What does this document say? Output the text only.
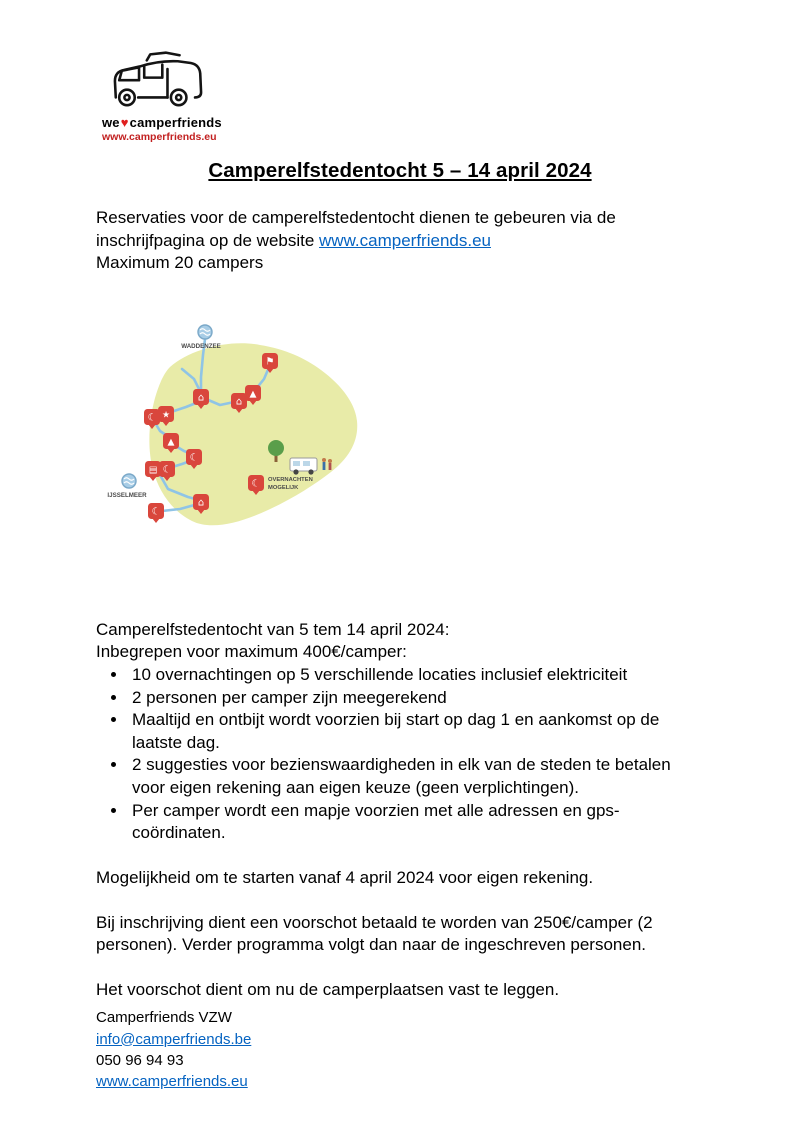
we♥camperfriends
www.camperfriends.eu
Camperelfstedentocht 5 – 14 april 2024
Reservaties voor de camperelfstedentocht dienen te gebeuren via de inschrijfpagina op de website www.camperfriends.eu
Maximum 20 campers
WADDENZEE
IJSSELMEER
⚑
▲
⌂
⌂
★
☾
▲
☾
▤ ☾
⌂
☾
☾ OVERNACHTEN
MOGELIJK

Camperelfstedentocht van 5 tem 14 april 2024:

Inbegrepen voor maximum 400€/camper:

• 10 overnachtingen op 5 verschillende locaties inclusief elektriciteit
• 2 personen per camper zijn meegerekend
• Maaltijd en ontbijt wordt voorzien bij start op dag 1 en aankomst op de laatste dag.
• 2 suggesties voor bezienswaardigheden in elk van de steden te betalen voor eigen rekening aan eigen keuze (geen verplichtingen).
• Per camper wordt een mapje voorzien met alle adressen en gps-coördinaten.

Mogelijkheid om te starten vanaf 4 april 2024 voor eigen rekening.

Bij inschrijving dient een voorschot betaald te worden van 250€/camper (2 personen). Verder programma volgt dan naar de ingeschreven personen.

Het voorschot dient om nu de camperplaatsen vast te leggen.

Camperfriends VZW
info@camperfriends.be
050 96 94 93
www.camperfriends.eu
